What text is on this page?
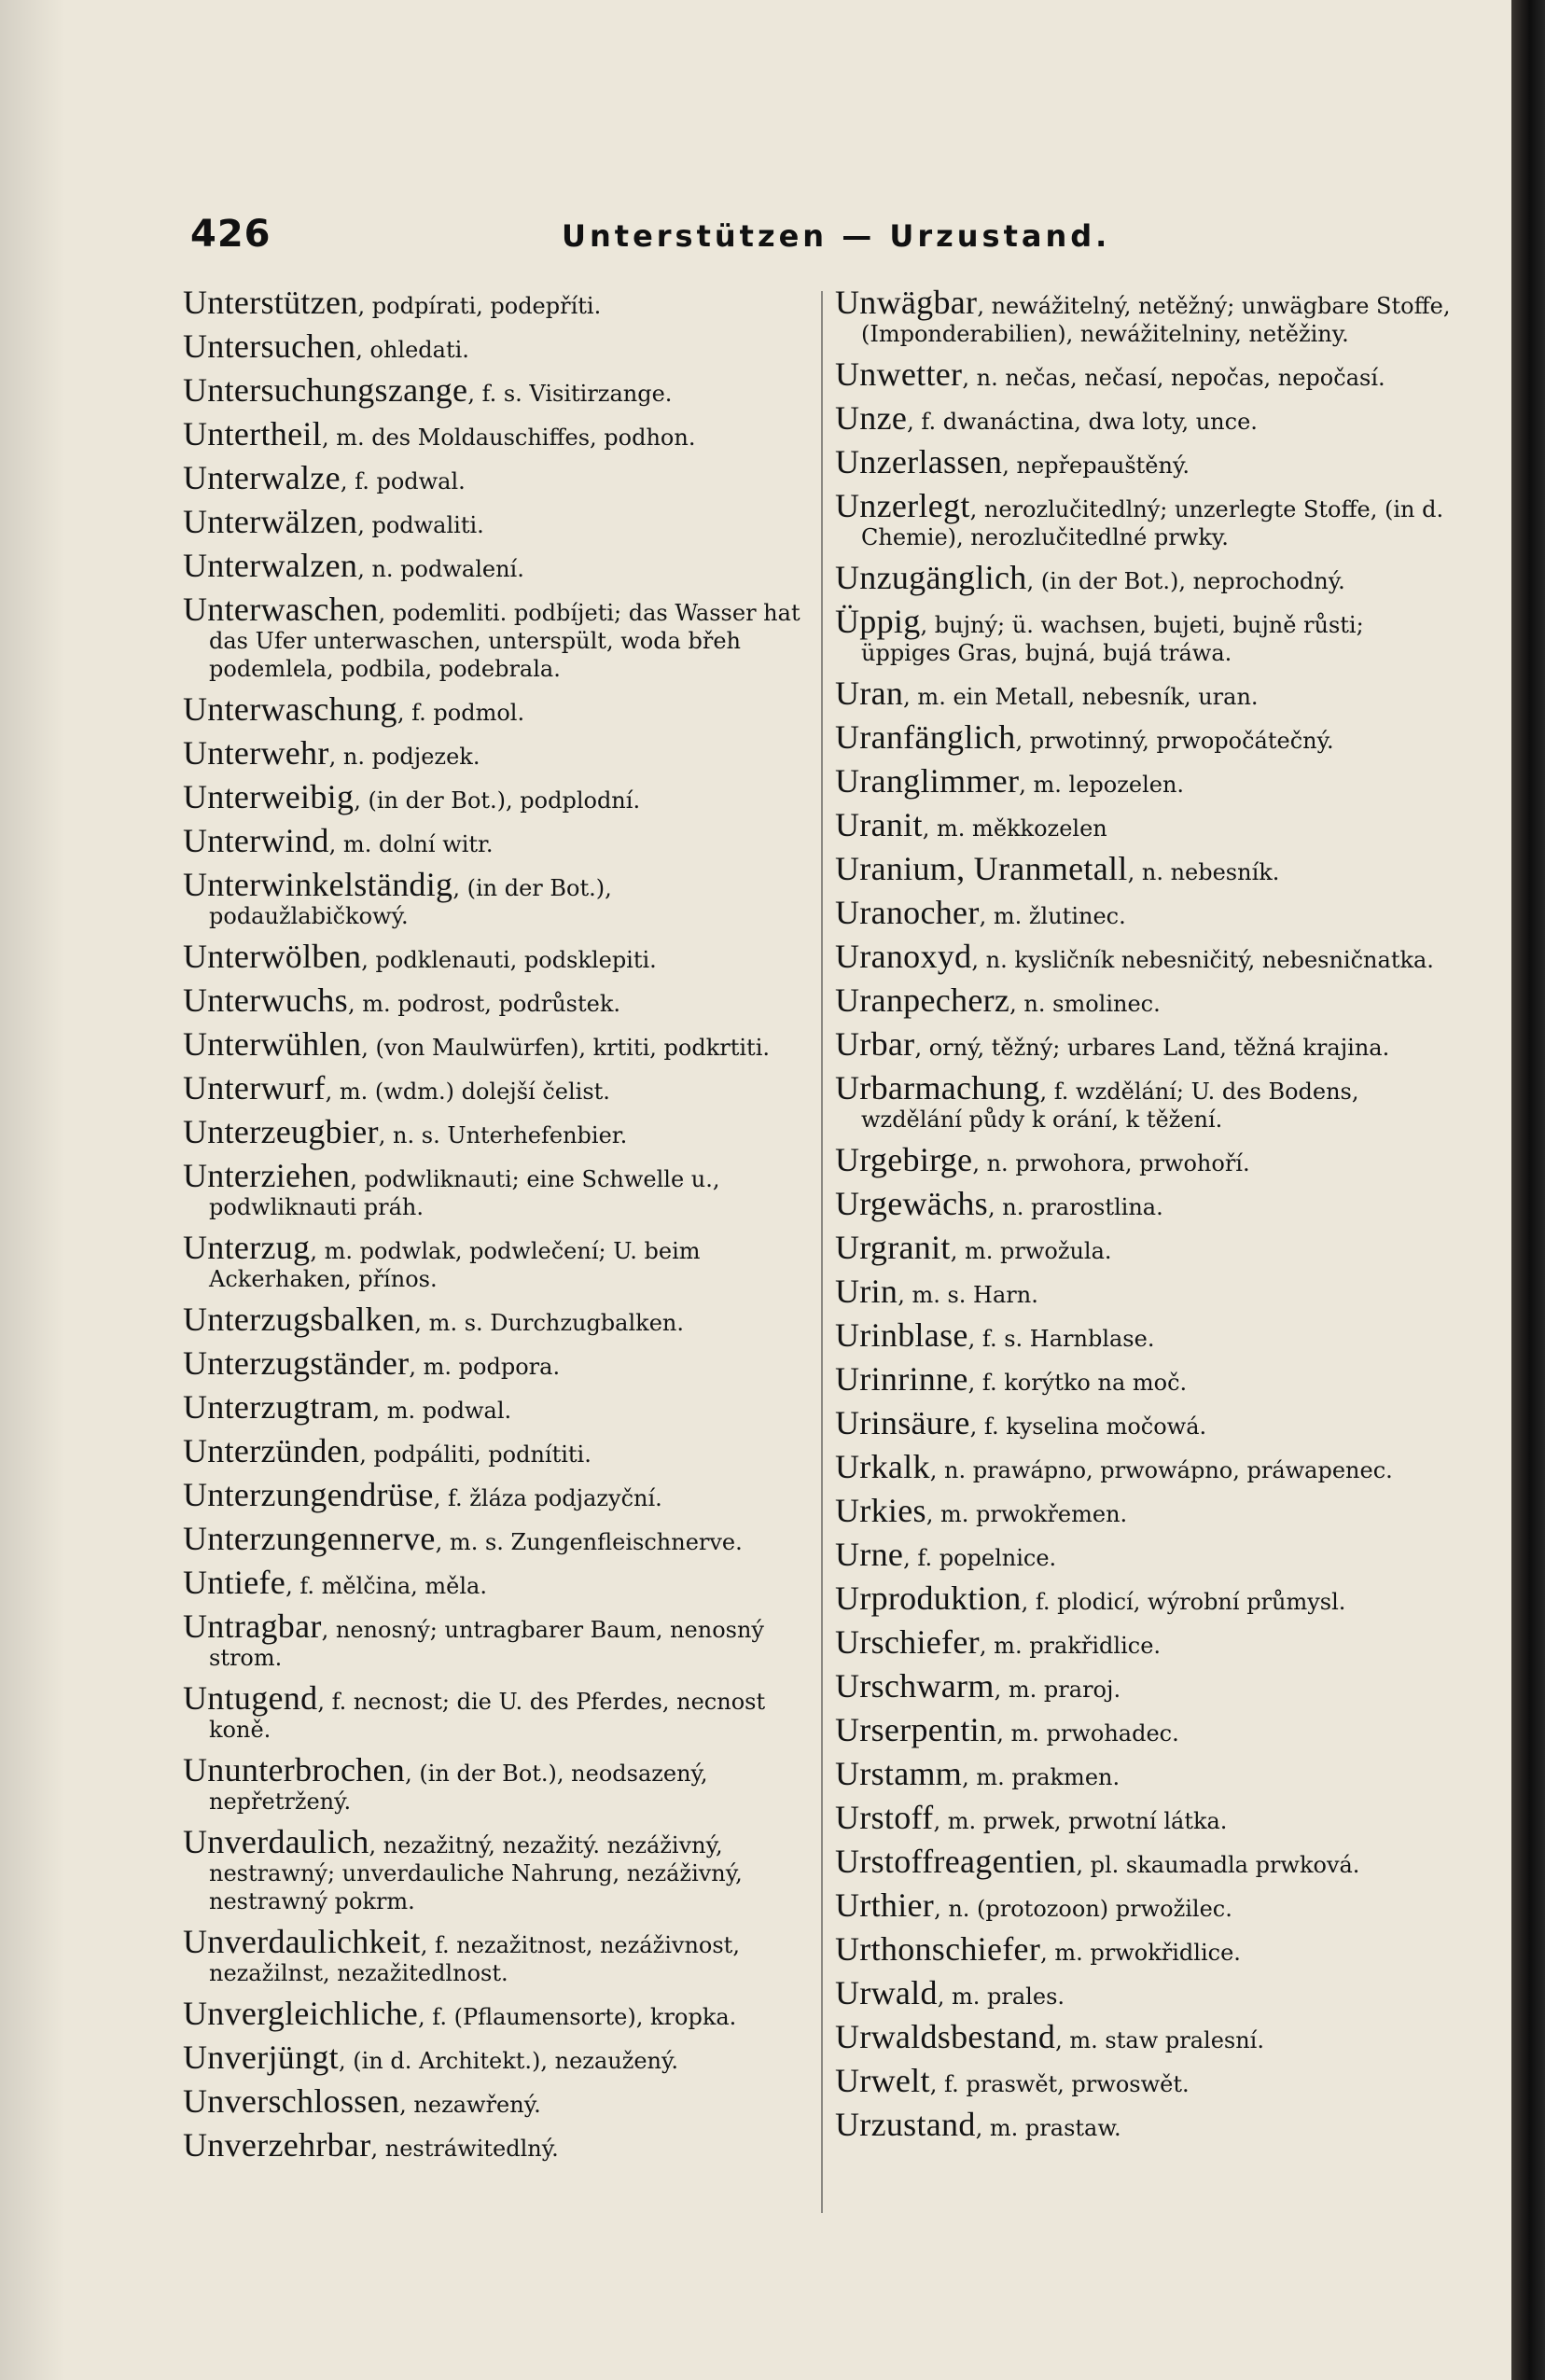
426	Unterstützen — Urzustand.
Unterstützen, podpírati, podepříti.
Untersuchen, ohledati.
Untersuchungszange, f. s. Visitirzange.
Untertheil, m. des Moldauschiffes, podhon.
Unterwalze, f. podwal.
Unterwälzen, podwaliti.
Unterwalzen, n. podwalení.
Unterwaschen, podemliti. podbíjeti; das Wasser hat das Ufer unterwaschen, unterspült, woda břeh podemlela, podbila, podebrala.
Unterwaschung, f. podmol.
Unterwehr, n. podjezek.
Unterweibig, (in der Bot.), podplodní.
Unterwind, m. dolní witr.
Unterwinkelständig, (in der Bot.), podaužlabičkowý.
Unterwölben, podklenauti, podsklepiti.
Unterwuchs, m. podrost, podrůstek.
Unterwühlen, (von Maulwürfen), krtiti, podkrtiti.
Unterwurf, m. (wdm.) dolejší čelist.
Unterzeugbier, n. s. Unterhefenbier.
Unterziehen, podwliknauti; eine Schwelle u., podwliknauti práh.
Unterzug, m. podwlak, podwlečení; U. beim Ackerhaken, přínos.
Unterzugsbalken, m. s. Durchzugbalken.
Unterzugständer, m. podpora.
Unterzugtram, m. podwal.
Unterzünden, podpáliti, podnítiti.
Unterzungendrüse, f. žláza podjazyční.
Unterzungennerve, m. s. Zungenfleischnerve.
Untiefe, f. mělčina, měla.
Untragbar, nenosný; untragbarer Baum, nenosný strom.
Untugend, f. necnost; die U. des Pferdes, necnost koně.
Ununterbrochen, (in der Bot.), neodsazený, nepřetržený.
Unverdaulich, nezažitný, nezažitý. nezáživný, nestrawný; unverdauliche Nahrung, nezáživný, nestrawný pokrm.
Unverdaulichkeit, f. nezažitnost, nezáživnost, nezažilnst, nezažitedlnost.
Unvergleichliche, f. (Pflaumensorte), kropka.
Unverjüngt, (in d. Architekt.), nezaužený.
Unverschlossen, nezawřený.
Unverzehrbar, nestráwitedlný.
Unwägbar, newážitelný, netěžný; unwägbare Stoffe, (Imponderabilien), newážitelniny, netěžiny.
Unwetter, n. nečas, nečasí, nepočas, nepočasí.
Unze, f. dwanáctina, dwa loty, unce.
Unzerlassen, nepřepauštěný.
Unzerlegt, nerozlučitedlný; unzerlegte Stoffe, (in d. Chemie), nerozlučitedlné prwky.
Unzugänglich, (in der Bot.), neprochodný.
Üppig, bujný; ü. wachsen, bujeti, bujně růsti; üppiges Gras, bujná, bujá tráwa.
Uran, m. ein Metall, nebesník, uran.
Uranfänglich, prwotinný, prwopočátečný.
Uranglimmer, m. lepozelen.
Uranit, m. měkkozelen
Uranium, Uranmetall, n. nebesník.
Uranocher, m. žlutinec.
Uranoxyd, n. kysličník nebesničitý, nebesničnatka.
Uranpecherz, n. smolinec.
Urbar, orný, těžný; urbares Land, těžná krajina.
Urbarmachung, f. wzdělání; U. des Bodens, wzdělání půdy k orání, k těžení.
Urgebirge, n. prwohora, prwohoří.
Urgewächs, n. prarostlina.
Urgranit, m. prwožula.
Urin, m. s. Harn.
Urinblase, f. s. Harnblase.
Urinrinne, f. korýtko na moč.
Urinsäure, f. kyselina močowá.
Urkalk, n. prawápno, prwowápno, práwapenec.
Urkies, m. prwokřemen.
Urne, f. popelnice.
Urproduktion, f. plodicí, wýrobní průmysl.
Urschiefer, m. prakřidlice.
Urschwarm, m. praroj.
Urserpentin, m. prwohadec.
Urstamm, m. prakmen.
Urstoff, m. prwek, prwotní látka.
Urstoffreagentien, pl. skaumadla prwková.
Urthier, n. (protozoon) prwožilec.
Urthonschiefer, m. prwokřidlice.
Urwald, m. prales.
Urwaldsbestand, m. staw pralesní.
Urwelt, f. praswět, prwoswět.
Urzustand, m. prastaw.
